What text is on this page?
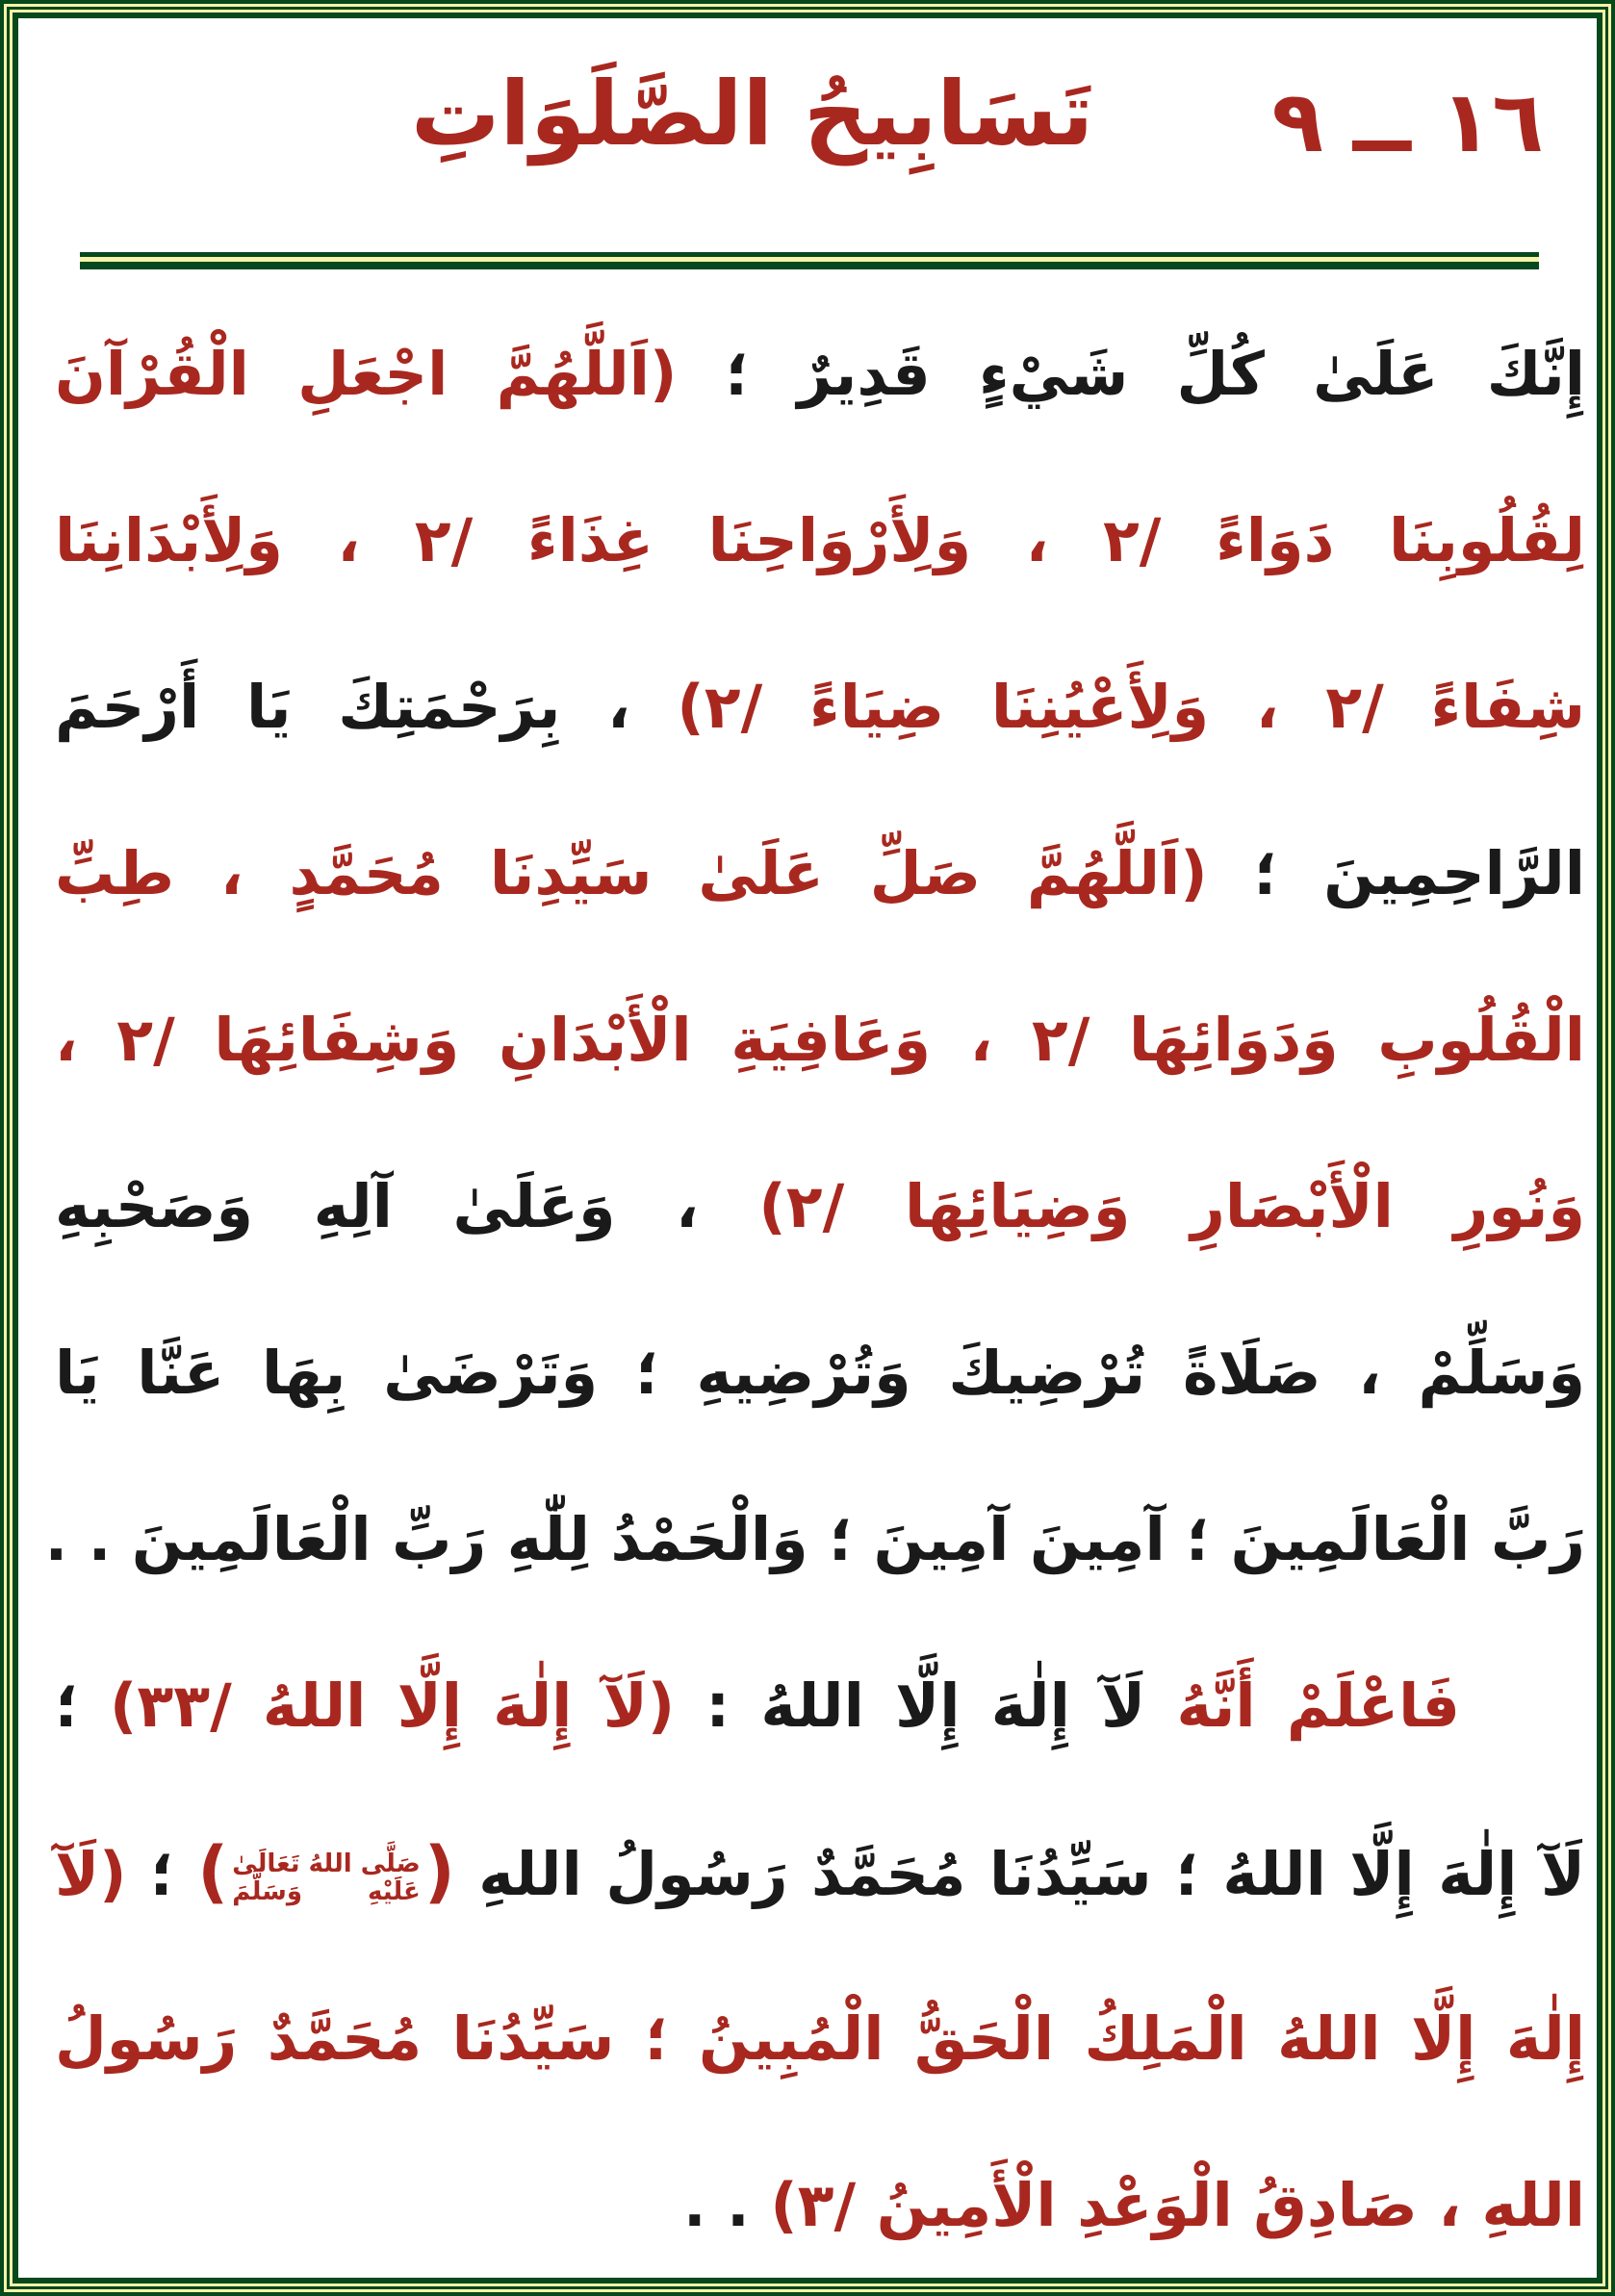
١٦ ــ ٩
تَسَابِيحُ الصَّلَوَاتِ
إِنَّكَ عَلَىٰ كُلِّ شَيْءٍ قَدِيرٌ ؛ (اَللَّهُمَّ اجْعَلِ الْقُرْآنَ
لِقُلُوبِنَا دَوَاءً /٢ ، وَلِأَرْوَاحِنَا غِذَاءً /٢ ، وَلِأَبْدَانِنَا
شِفَاءً /٢ ، وَلِأَعْيُنِنَا ضِيَاءً /٢) ، بِرَحْمَتِكَ يَا أَرْحَمَ
الرَّاحِمِينَ ؛ (اَللَّهُمَّ صَلِّ عَلَىٰ سَيِّدِنَا مُحَمَّدٍ ، طِبِّ
الْقُلُوبِ وَدَوَائِهَا /٢ ، وَعَافِيَةِ الْأَبْدَانِ وَشِفَائِهَا /٢ ،
وَنُورِ الْأَبْصَارِ وَضِيَائِهَا /٢) ، وَعَلَىٰ آلِهِ وَصَحْبِهِ
وَسَلِّمْ ، صَلَاةً تُرْضِيكَ وَتُرْضِيهِ ؛ وَتَرْضَىٰ بِهَا عَنَّا يَا
رَبَّ الْعَالَمِينَ ؛ آمِينَ آمِينَ ؛ وَالْحَمْدُ لِلّٰهِ رَبِّ الْعَالَمِينَ . .
فَاعْلَمْ أَنَّهُ لَآ إِلٰهَ إِلَّا اللهُ : (لَآ إِلٰهَ إِلَّا اللهُ /٣٣) ؛
لَآ إِلٰهَ إِلَّا اللهُ ؛ سَيِّدُنَا مُحَمَّدٌ رَسُولُ اللهِ (صَلَّى اللهُ تَعَالَىٰ
عَلَيْهِ وَسَلَّمَ) ؛ (لَآ
إِلٰهَ إِلَّا اللهُ الْمَلِكُ الْحَقُّ الْمُبِينُ ؛ سَيِّدُنَا مُحَمَّدٌ رَسُولُ
اللهِ ، صَادِقُ الْوَعْدِ الْأَمِينُ /٣) . .
